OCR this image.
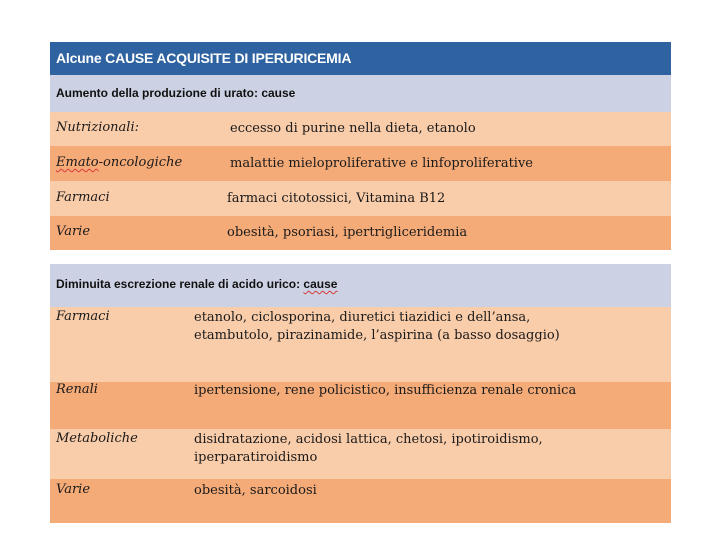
Alcune CAUSE ACQUISITE DI IPERURICEMIA
Aumento della produzione di urato: cause
Nutrizionali:	eccesso di purine nella dieta, etanolo
Emato-oncologiche	malattie mieloproliferative e linfoproliferative
Farmaci	farmaci citotossici, Vitamina B12
Varie	obesità, psoriasi, ipertrigliceridemia
Diminuita escrezione renale di acido urico: cause
Farmaci	etanolo, ciclosporina, diuretici tiazidici e dell’ansa,
etambutolo, pirazinamide, l’aspirina (a basso dosaggio)
Renali	ipertensione, rene policistico, insufficienza renale cronica
Metaboliche	disidratazione, acidosi lattica, chetosi, ipotiroidismo,
iperparatiroidismo
Varie	obesità, sarcoidosi
